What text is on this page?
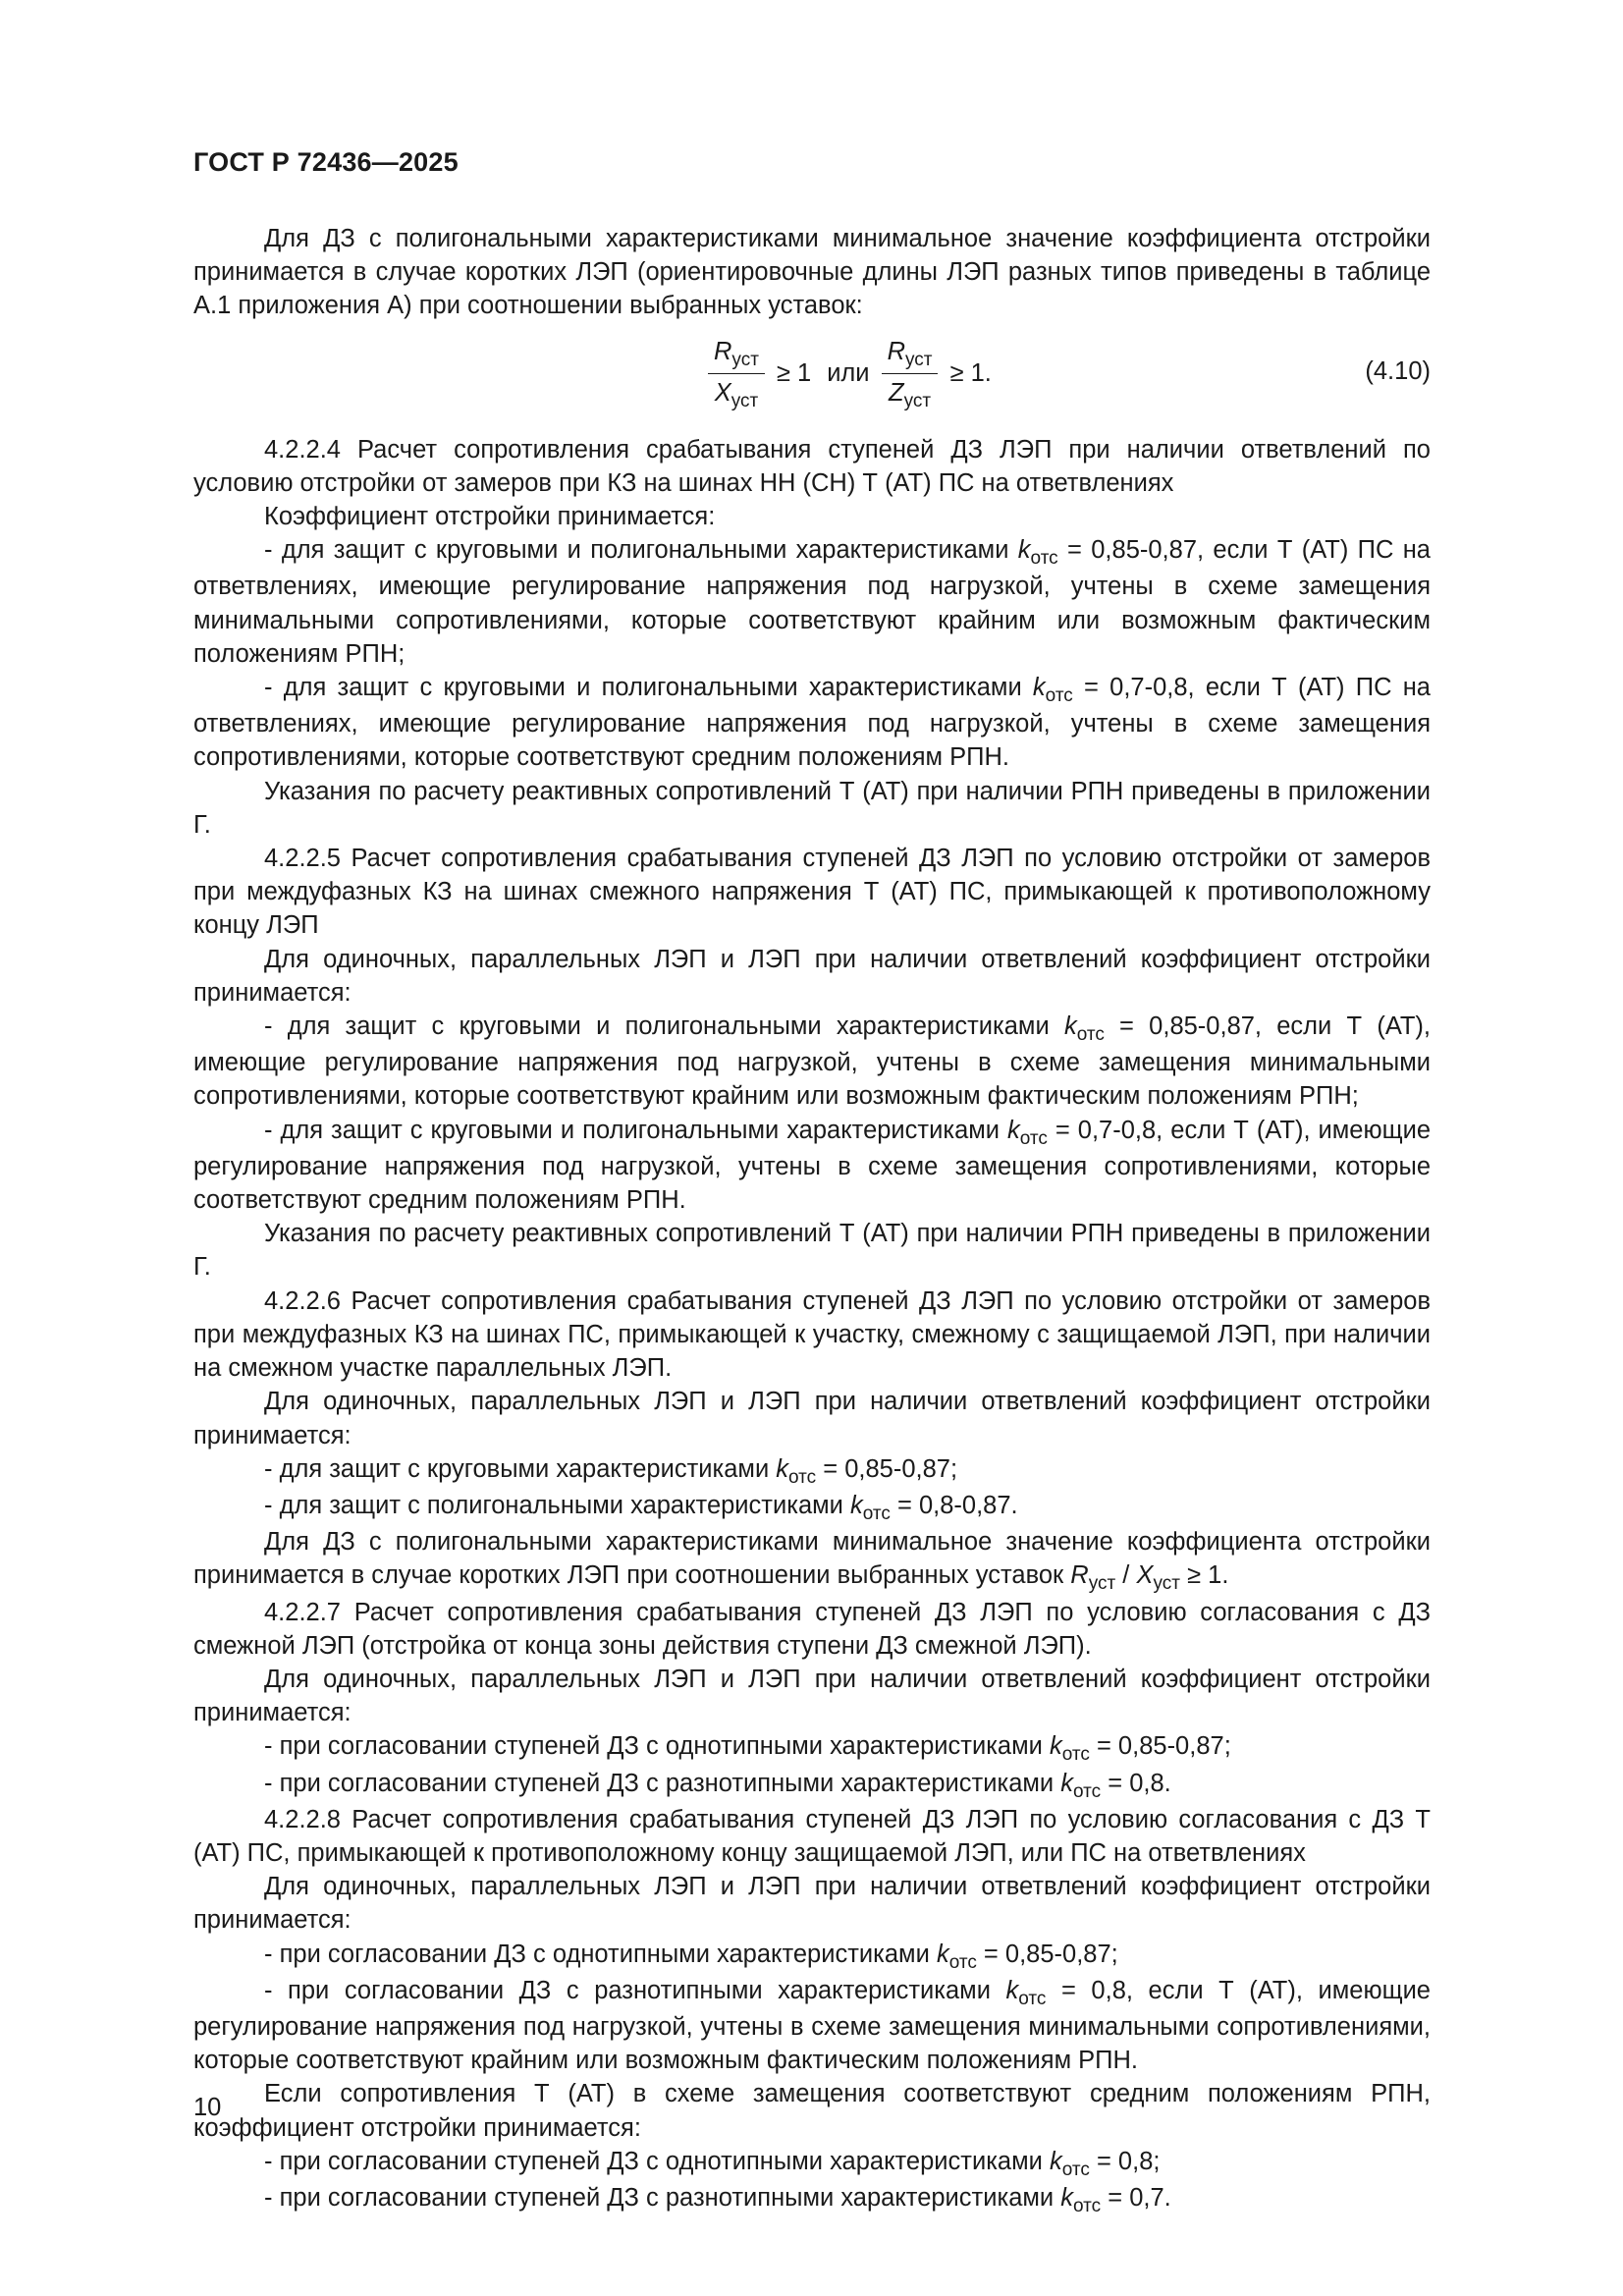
ГОСТ Р 72436—2025

Для ДЗ с полигональными характеристиками минимальное значение коэффициента отстройки принимается в случае коротких ЛЭП (ориентировочные длины ЛЭП разных типов приведены в таблице А.1 приложения А) при соотношении выбранных уставок:

$\frac{R_{уст}}{X_{уст}} \ge 1$ или $\frac{R_{уст}}{Z_{уст}} \ge 1$.	(4.10)

4.2.2.4 Расчет сопротивления срабатывания ступеней ДЗ ЛЭП при наличии ответвлений по условию отстройки от замеров при КЗ на шинах НН (СН) Т (АТ) ПС на ответвлениях

Коэффициент отстройки принимается:

- для защит с круговыми и полигональными характеристиками $k_{отс} = 0,85-0,87$, если Т (АТ) ПС на ответвлениях, имеющие регулирование напряжения под нагрузкой, учтены в схеме замещения минимальными сопротивлениями, которые соответствуют крайним или возможным фактическим положениям РПН;

- для защит с круговыми и полигональными характеристиками $k_{отс} = 0,7-0,8$, если Т (АТ) ПС на ответвлениях, имеющие регулирование напряжения под нагрузкой, учтены в схеме замещения сопротивлениями, которые соответствуют средним положениям РПН.

Указания по расчету реактивных сопротивлений Т (АТ) при наличии РПН приведены в приложении Г.

4.2.2.5 Расчет сопротивления срабатывания ступеней ДЗ ЛЭП по условию отстройки от замеров при междуфазных КЗ на шинах смежного напряжения Т (АТ) ПС, примыкающей к противоположному концу ЛЭП

Для одиночных, параллельных ЛЭП и ЛЭП при наличии ответвлений коэффициент отстройки принимается:

- для защит с круговыми и полигональными характеристиками $k_{отс} = 0,85-0,87$, если Т (АТ), имеющие регулирование напряжения под нагрузкой, учтены в схеме замещения минимальными сопротивлениями, которые соответствуют крайним или возможным фактическим положениям РПН;

- для защит с круговыми и полигональными характеристиками $k_{отс} = 0,7-0,8$, если Т (АТ), имеющие регулирование напряжения под нагрузкой, учтены в схеме замещения сопротивлениями, которые соответствуют средним положениям РПН.

Указания по расчету реактивных сопротивлений Т (АТ) при наличии РПН приведены в приложении Г.

4.2.2.6 Расчет сопротивления срабатывания ступеней ДЗ ЛЭП по условию отстройки от замеров при междуфазных КЗ на шинах ПС, примыкающей к участку, смежному с защищаемой ЛЭП, при наличии на смежном участке параллельных ЛЭП.

Для одиночных, параллельных ЛЭП и ЛЭП при наличии ответвлений коэффициент отстройки принимается:

- для защит с круговыми характеристиками $k_{отс} = 0,85-0,87$;

- для защит с полигональными характеристиками $k_{отс} = 0,8-0,87$.

Для ДЗ с полигональными характеристиками минимальное значение коэффициента отстройки принимается в случае коротких ЛЭП при соотношении выбранных уставок $R_{уст} / X_{уст} \ge 1$.

4.2.2.7 Расчет сопротивления срабатывания ступеней ДЗ ЛЭП по условию согласования с ДЗ смежной ЛЭП (отстройка от конца зоны действия ступени ДЗ смежной ЛЭП).

Для одиночных, параллельных ЛЭП и ЛЭП при наличии ответвлений коэффициент отстройки принимается:

- при согласовании ступеней ДЗ с однотипными характеристиками $k_{отс} = 0,85-0,87$;

- при согласовании ступеней ДЗ с разнотипными характеристиками $k_{отс} = 0,8$.

4.2.2.8 Расчет сопротивления срабатывания ступеней ДЗ ЛЭП по условию согласования с ДЗ Т (АТ) ПС, примыкающей к противоположному концу защищаемой ЛЭП, или ПС на ответвлениях

Для одиночных, параллельных ЛЭП и ЛЭП при наличии ответвлений коэффициент отстройки принимается:

- при согласовании ДЗ с однотипными характеристиками $k_{отс} = 0,85-0,87$;

- при согласовании ДЗ с разнотипными характеристиками $k_{отс} = 0,8$, если Т (АТ), имеющие регулирование напряжения под нагрузкой, учтены в схеме замещения минимальными сопротивлениями, которые соответствуют крайним или возможным фактическим положениям РПН.

Если сопротивления Т (АТ) в схеме замещения соответствуют средним положениям РПН, коэффициент отстройки принимается:

- при согласовании ступеней ДЗ с однотипными характеристиками $k_{отс} = 0,8$;

- при согласовании ступеней ДЗ с разнотипными характеристиками $k_{отс} = 0,7$.

10
